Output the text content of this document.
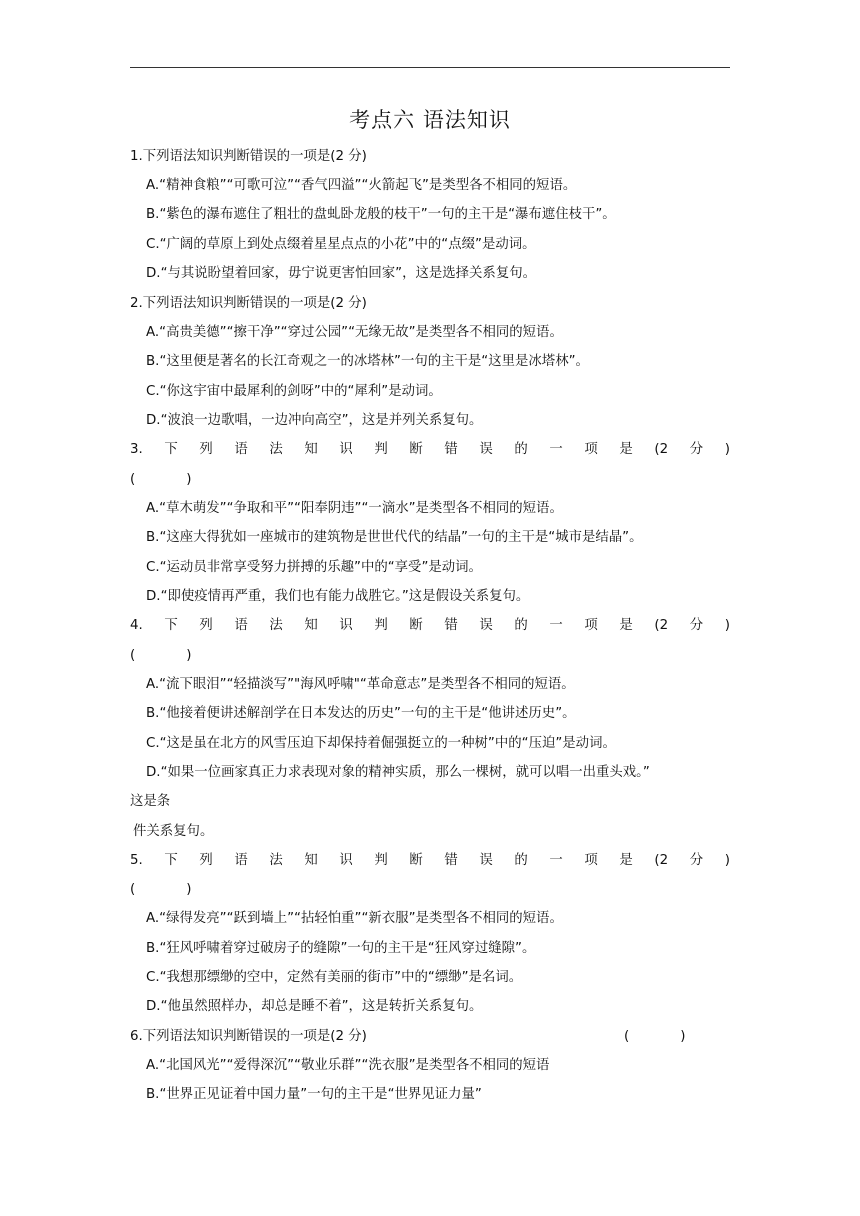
考点六 语法知识
1.下列语法知识判断错误的一项是(2 分)
A.“精神食粮”“可歌可泣”“香气四溢”“火箭起飞”是类型各不相同的短语。
B.“紫色的瀑布遮住了粗壮的盘虬卧龙般的枝干”一句的主干是“瀑布遮住枝干”。
C.“广阔的草原上到处点缀着星星点点的小花”中的“点缀”是动词。
D.“与其说盼望着回家，毋宁说更害怕回家”，这是选择关系复句。
2.下列语法知识判断错误的一项是(2 分)
A.“高贵美德”“擦干净”“穿过公园”“无缘无故”是类型各不相同的短语。
B.“这里便是著名的长江奇观之一的冰塔林”一句的主干是“这里是冰塔林”。
C.“你这宇宙中最犀利的剑呀”中的“犀利”是动词。
D.“波浪一边歌唱，一边冲向高空”，这是并列关系复句。
3. 下 列 语 法 知 识 判 断 错 误 的 一 项 是 (2 分 )
(            )
A.“草木萌发”“争取和平”“阳奉阴违”“一滴水”是类型各不相同的短语。
B.“这座大得犹如一座城市的建筑物是世世代代的结晶”一句的主干是“城市是结晶”。
C.“运动员非常享受努力拼搏的乐趣”中的“享受”是动词。
D.“即使疫情再严重，我们也有能力战胜它。”这是假设关系复句。
4. 下 列 语 法 知 识 判 断 错 误 的 一 项 是 (2 分 )
(            )
A.“流下眼泪”“轻描淡写”"海风呼啸"“革命意志”是类型各不相同的短语。
B.“他接着便讲述解剖学在日本发达的历史”一句的主干是“他讲述历史”。
C.“这是虽在北方的风雪压迫下却保持着倔强挺立的一种树”中的“压迫”是动词。
D.“如果一位画家真正力求表现对象的精神实质，那么一棵树，就可以唱一出重头戏。”
这是条
件关系复句。
5. 下 列 语 法 知 识 判 断 错 误 的 一 项 是 (2 分 )
(            )
A.“绿得发亮”“跃到墙上”“拈轻怕重”“新衣服”是类型各不相同的短语。
B.“狂风呼啸着穿过破房子的缝隙”一句的主干是“狂风穿过缝隙”。
C.“我想那缥缈的空中，定然有美丽的街市”中的“缥缈”是名词。
D.“他虽然照样办，却总是睡不着”，这是转折关系复句。
6.下列语法知识判断错误的一项是(2 分)	(            )
A.“北国风光”“爱得深沉”“敬业乐群”“洗衣服”是类型各不相同的短语
B.“世界正见证着中国力量”一句的主干是“世界见证力量”
